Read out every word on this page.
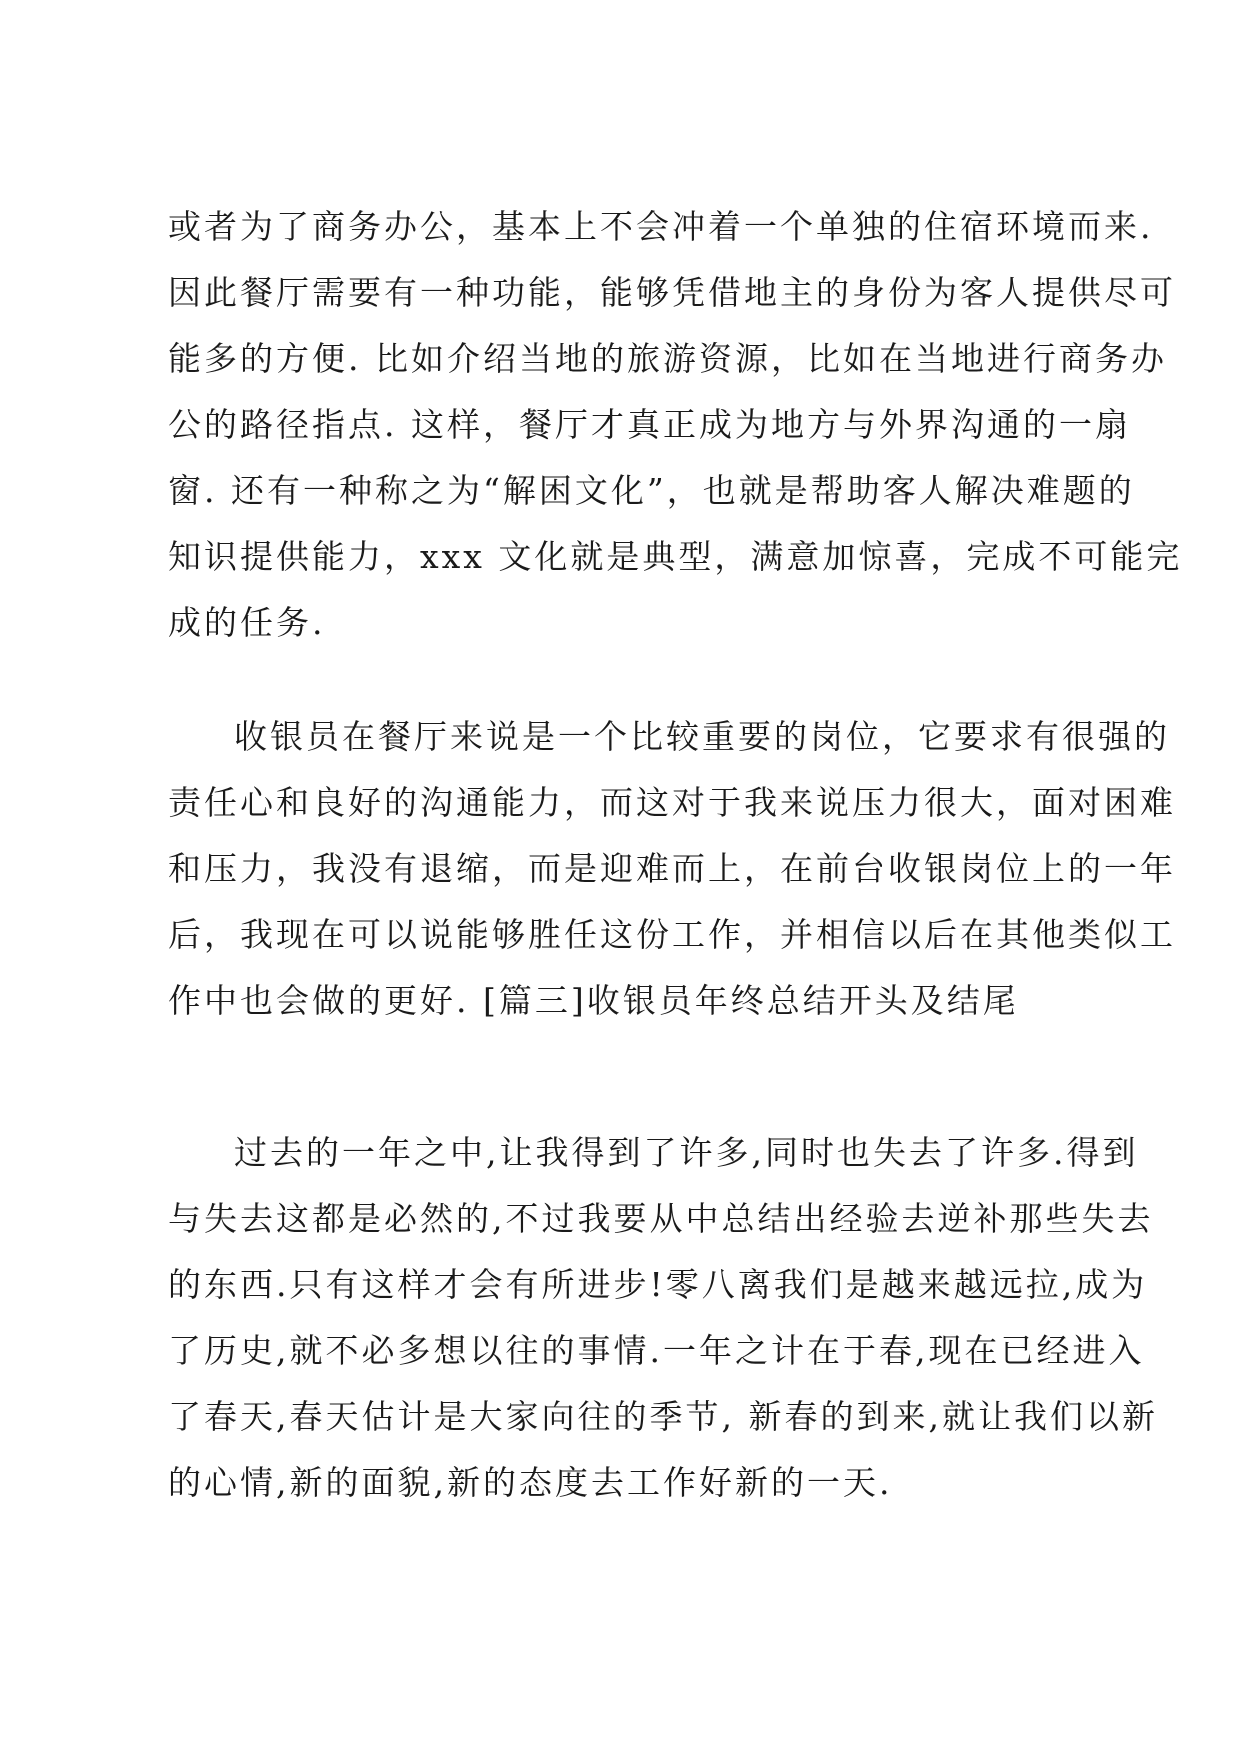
或者为了商务办公，基本上不会冲着一个单独的住宿环境而来.
因此餐厅需要有一种功能，能够凭借地主的身份为客人提供尽可
能多的方便. 比如介绍当地的旅游资源，比如在当地进行商务办
公的路径指点. 这样，餐厅才真正成为地方与外界沟通的一扇
窗. 还有一种称之为“解困文化”，也就是帮助客人解决难题的
知识提供能力，xxx 文化就是典型，满意加惊喜，完成不可能完
成的任务.
收银员在餐厅来说是一个比较重要的岗位，它要求有很强的
责任心和良好的沟通能力，而这对于我来说压力很大，面对困难
和压力，我没有退缩，而是迎难而上，在前台收银岗位上的一年
后，我现在可以说能够胜任这份工作，并相信以后在其他类似工
作中也会做的更好. [篇三]收银员年终总结开头及结尾
过去的一年之中,让我得到了许多,同时也失去了许多.得到
与失去这都是必然的,不过我要从中总结出经验去逆补那些失去
的东西.只有这样才会有所进步!零八离我们是越来越远拉,成为
了历史,就不必多想以往的事情.一年之计在于春,现在已经进入
了春天,春天估计是大家向往的季节, 新春的到来,就让我们以新
的心情,新的面貌,新的态度去工作好新的一天.
